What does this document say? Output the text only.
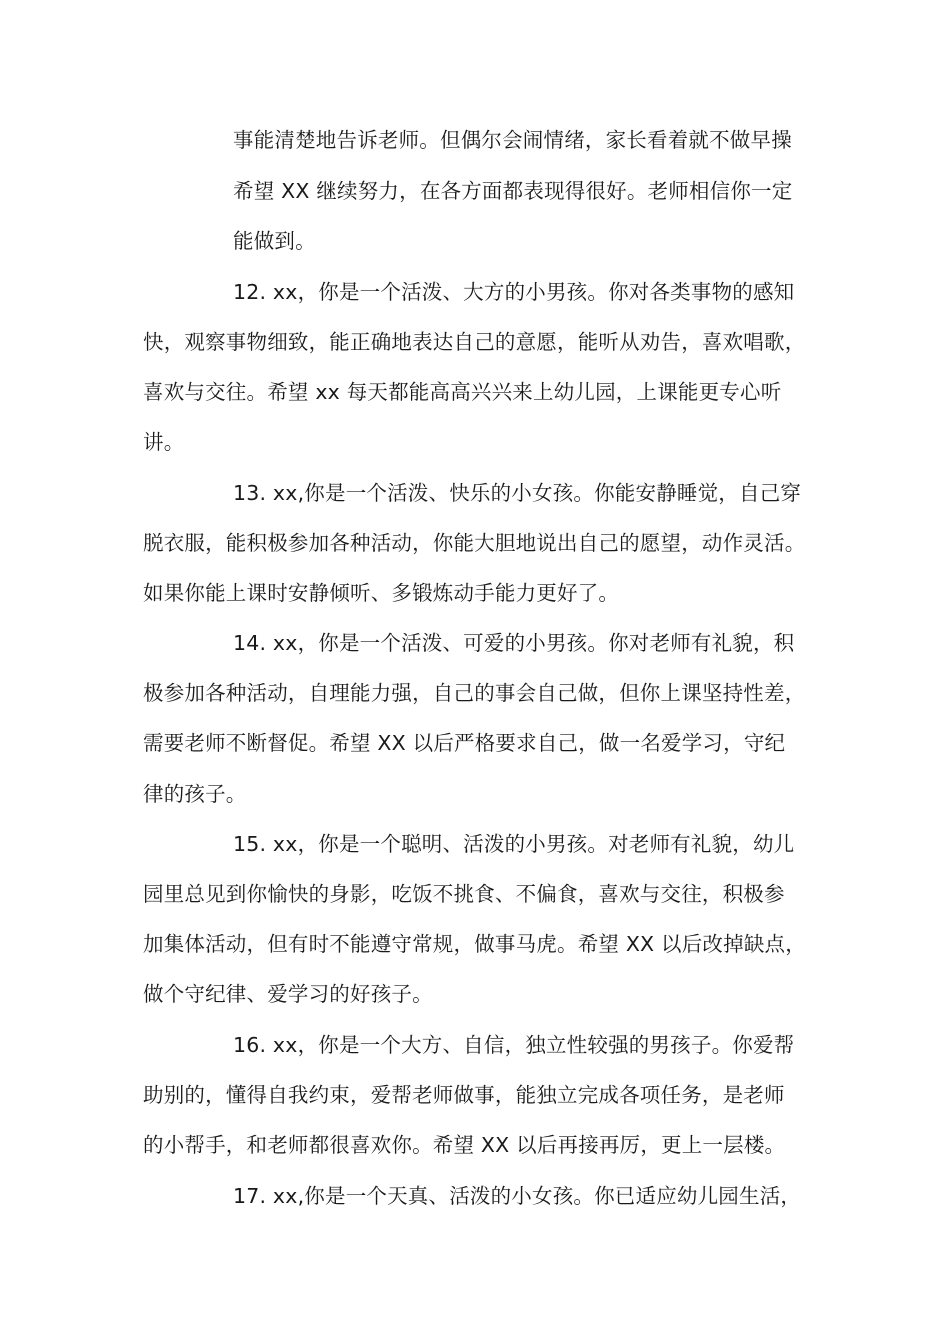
事能清楚地告诉老师。但偶尔会闹情绪，家长看着就不做早操
希望 XX 继续努力，在各方面都表现得很好。老师相信你一定
能做到。
12. xx，你是一个活泼、大方的小男孩。你对各类事物的感知
快，观察事物细致，能正确地表达自己的意愿，能听从劝告，喜欢唱歌，
喜欢与交往。希望 xx 每天都能高高兴兴来上幼儿园，上课能更专心听
讲。
13. xx,你是一个活泼、快乐的小女孩。你能安静睡觉，自己穿
脱衣服，能积极参加各种活动，你能大胆地说出自己的愿望，动作灵活。
如果你能上课时安静倾听、多锻炼动手能力更好了。
14. xx，你是一个活泼、可爱的小男孩。你对老师有礼貌，积
极参加各种活动，自理能力强，自己的事会自己做，但你上课坚持性差，
需要老师不断督促。希望 XX 以后严格要求自己，做一名爱学习，守纪
律的孩子。
15. xx，你是一个聪明、活泼的小男孩。对老师有礼貌，幼儿
园里总见到你愉快的身影，吃饭不挑食、不偏食，喜欢与交往，积极参
加集体活动，但有时不能遵守常规，做事马虎。希望 XX 以后改掉缺点，
做个守纪律、爱学习的好孩子。
16. xx，你是一个大方、自信，独立性较强的男孩子。你爱帮
助别的，懂得自我约束，爱帮老师做事，能独立完成各项任务，是老师
的小帮手，和老师都很喜欢你。希望 XX 以后再接再厉，更上一层楼。
17. xx,你是一个天真、活泼的小女孩。你已适应幼儿园生活，
